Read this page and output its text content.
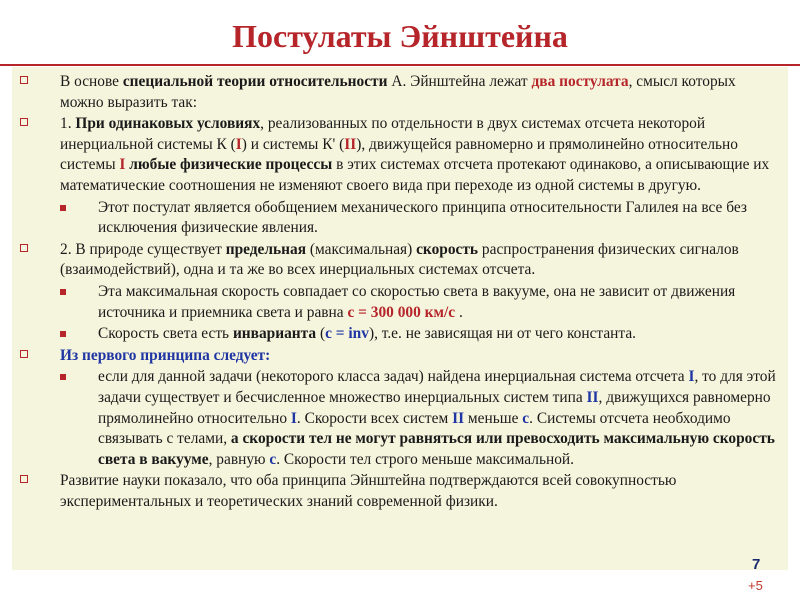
Постулаты Эйнштейна
В основе специальной теории относительности А. Эйнштейна лежат два постулата, смысл которых можно выразить так:
1. При одинаковых условиях, реализованных по отдельности в двух системах отсчета некоторой инерциальной системы К (I) и системы К' (II), движущейся равномерно и прямолинейно относительно системы I любые физические процессы в этих системах отсчета протекают одинаково, а описывающие их математические соотношения не изменяют своего вида при переходе из одной системы в другую.
Этот постулат является обобщением механического принципа относительности Галилея на все без исключения физические явления.
2. В природе существует предельная (максимальная) скорость распространения физических сигналов (взаимодействий), одна и та же во всех инерциальных системах отсчета.
Эта максимальная скорость совпадает со скоростью света в вакууме, она не зависит от движения источника и приемника света и равна c = 300 000 км/с .
Скорость света есть инварианта (c = inv), т.е. не зависящая ни от чего константа.
Из первого принципа следует:
если для данной задачи (некоторого класса задач) найдена инерциальная система отсчета I, то для этой задачи существует и бесчисленное множество инерциальных систем типа II, движущихся равномерно прямолинейно относительно I. Скорости всех систем II меньше c. Системы отсчета необходимо связывать с телами, а скорости тел не могут равняться или превосходить максимальную скорость света в вакууме, равную c. Скорости тел строго меньше максимальной.
Развитие науки показало, что оба принципа Эйнштейна подтверждаются всей совокупностью экспериментальных и теоретических знаний современной физики.
7
+5
